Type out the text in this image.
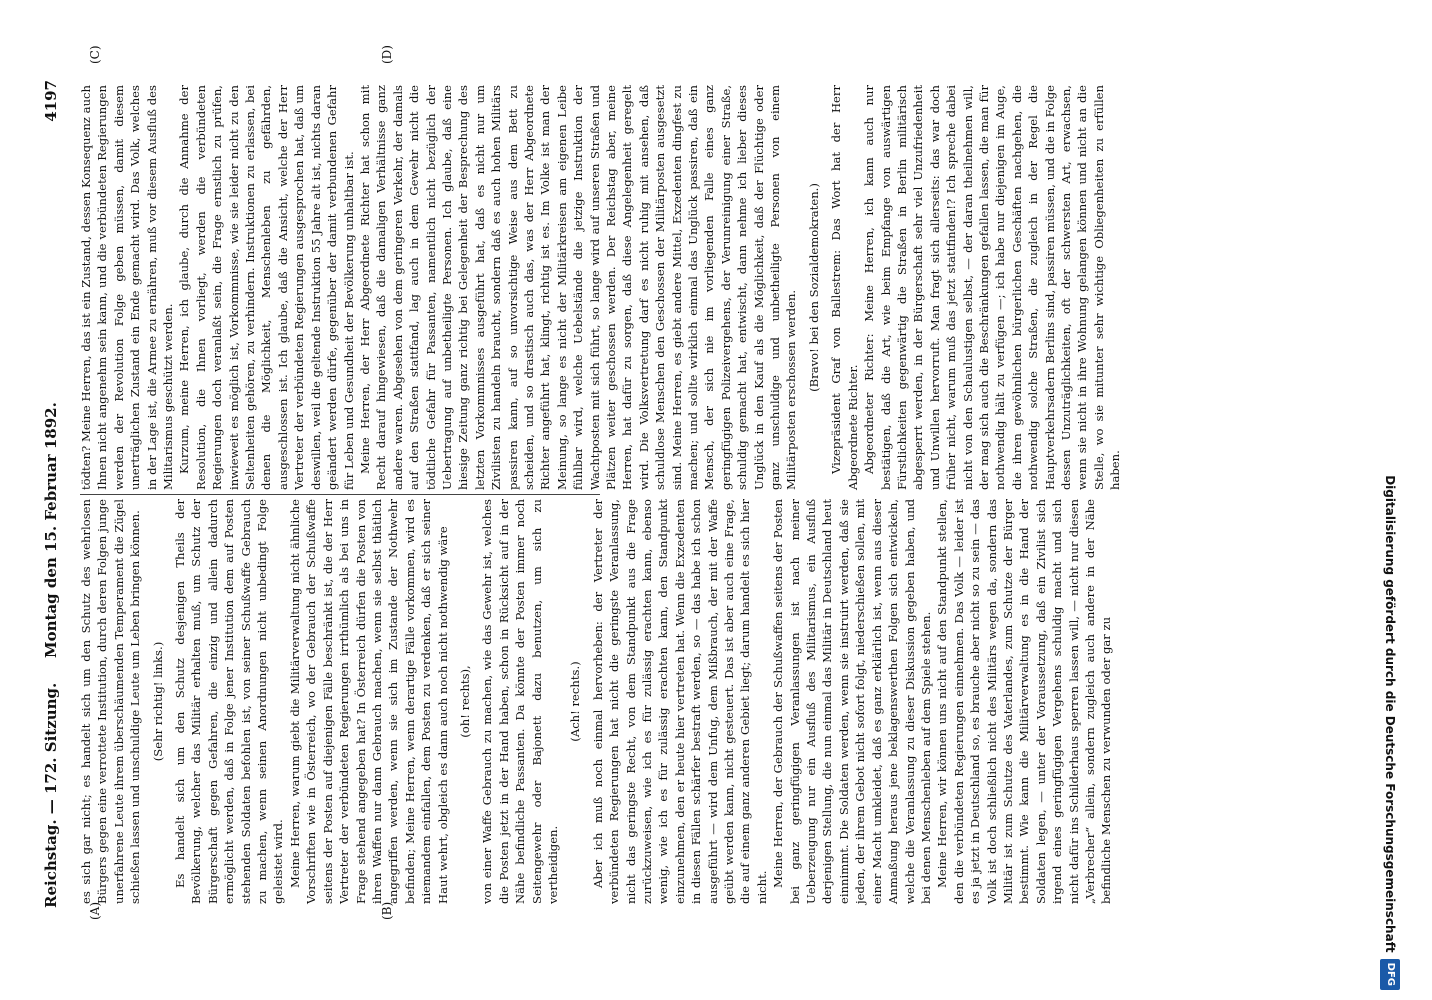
Reichstag. — 172. Sitzung.
Montag den 15. Februar 1892.
4197
(A)	(B)
(C)	(D)

es sich gar nicht; es handelt sich um den Schutz des wehrlosen Bürgers gegen eine verrottete Institution, durch deren Folgen junge unerfahrene Leute ihrem überschäumenden Temperament die Zügel schießen lassen und unschuldige Leute um Leben bringen können. (Sehr richtig! links.) Es handelt sich um den Schutz desjenigen Theils der Bevölkerung, welcher das Militär erhalten muß, um Schutz der Bürgerschaft gegen Gefahren, die einzig und allein dadurch ermöglicht werden, daß in Folge jener Institution dem auf Posten stehenden Soldaten befohlen ist, von seiner Schußwaffe Gebrauch zu machen, wenn seinen Anordnungen nicht unbedingt Folge geleistet wird. Meine Herren, warum giebt die Militärverwaltung nicht ähnliche Vorschriften wie in Österreich, wo der Gebrauch der Schußwaffe seitens der Posten auf diejenigen Fälle beschränkt ist, die der Herr Vertreter der verbündeten Regierungen irrthümlich als bei uns in Frage stehend angegeben hat? In Österreich dürfen die Posten von ihren Waffen nur dann Gebrauch machen, wenn sie selbst thätlich angegriffen werden, wenn sie sich im Zustande der Nothwehr befinden; Meine Herren, wenn derartige Fälle vorkommen, wird es niemandem einfallen, dem Posten zu verdenken, daß er sich seiner Haut wehrt, obgleich es dann auch noch nicht nothwendig wäre (oh! rechts), von einer Waffe Gebrauch zu machen, wie das Gewehr ist, welches die Posten jetzt in der Hand haben, schon in Rücksicht auf in der Nähe befindliche Passanten. Da könnte der Posten immer noch Seitengewehr oder Bajonett dazu benutzen, um sich zu vertheidigen.

(Ach! rechts.) Aber ich muß noch einmal hervorheben: der Vertreter der verbündeten Regierungen hat nicht die geringste Veranlassung, nicht das geringste Recht, von dem Standpunkt aus die Frage zurückzuweisen, wie ich es für zulässig erachten kann, ebenso wenig, wie ich es für zulässig erachten kann, den Standpunkt einzunehmen, den er heute hier vertreten hat. Wenn die Exzedenten in diesen Fällen schärfer bestraft werden, so — das habe ich schon ausgeführt — wird dem Unfug, dem Mißbrauch, der mit der Waffe geübt werden kann, nicht gesteuert. Das ist aber auch eine Frage, die auf einem ganz anderen Gebiet liegt; darum handelt es sich hier nicht. Meine Herren, der Gebrauch der Schußwaffen seitens der Posten bei ganz geringfügigen Veranlassungen ist nach meiner Ueberzeugung nur ein Ausfluß des Militarismus, ein Ausfluß derjenigen Stellung, die nun einmal das Militär in Deutschland heut einnimmt. Die Soldaten werden, wenn sie instruirt werden, daß sie jeden, der ihrem Gebot nicht sofort folgt, niederschießen sollen, mit einer Macht umkleidet, daß es ganz erklärlich ist, wenn aus dieser Anmaßung heraus jene beklagenswerthen Folgen sich entwickeln, welche die Veranlassung zu dieser Diskussion gegeben haben, und bei denen Menschenleben auf dem Spiele stehen. Meine Herren, wir können uns nicht auf den Standpunkt stellen, den die verbündeten Regierungen einnehmen. Das Volk — leider ist es ja jetzt in Deutschland so, es brauche aber nicht so zu sein — das Volk ist doch schließlich nicht des Militärs wegen da, sondern das Militär ist zum Schutze des Vaterlandes, zum Schutze der Bürger bestimmt. Wie kann die Militärverwaltung es in die Hand der Soldaten legen, — unter der Voraussetzung, daß ein Zivilist sich irgend eines geringfügigen Vergehens schuldig macht und sich nicht dafür ins Schilderhaus sperren lassen will, — nicht nur diesen „Verbrecher“ allein, sondern zugleich auch andere in der Nähe befindliche Menschen zu verwunden oder gar zu

tödten? Meine Herren, das ist ein Zustand, dessen Konsequenz auch Ihnen nicht angenehm sein kann, und die verbündeten Regierungen werden der Revolution Folge geben müssen, damit diesem unerträglichen Zustand ein Ende gemacht wird. Das Volk, welches in der Lage ist, die Armee zu ernähren, muß vor diesem Ausfluß des Militarismus geschützt werden. Kurzum, meine Herren, ich glaube, durch die Annahme der Resolution, die Ihnen vorliegt, werden die verbündeten Regierungen doch veranlaßt sein, die Frage ernstlich zu prüfen, inwieweit es möglich ist, Vorkommnisse, wie sie leider nicht zu den Seltenheiten gehören, zu verhindern. Instruktionen zu erlassen, bei denen die Möglichkeit, Menschenleben zu gefährden, ausgeschlossen ist. Ich glaube, daß die Ansicht, welche der Herr Vertreter der verbündeten Regierungen ausgesprochen hat, daß um deswillen, weil die geltende Instruktion 55 Jahre alt ist, nichts daran geändert werden dürfe, gegenüber der damit verbundenen Gefahr für Leben und Gesundheit der Bevölkerung unhaltbar ist. Meine Herren, der Herr Abgeordnete Richter hat schon mit Recht darauf hingewiesen, daß die damaligen Verhältnisse ganz andere waren. Abgesehen von dem geringeren Verkehr, der damals auf den Straßen stattfand, lag auch in dem Gewehr nicht die tödtliche Gefahr für Passanten, namentlich nicht bezüglich der Uebertragung auf unbetheiligte Personen. Ich glaube, daß eine hiesige Zeitung ganz richtig bei Gelegenheit der Besprechung des letzten Vorkommnisses ausgeführt hat, daß es nicht nur um Zivilisten zu handeln braucht, sondern daß es auch hohen Militärs passiren kann, auf so unvorsichtige Weise aus dem Bett zu scheiden, und so drastisch auch das, was der Herr Abgeordnete Richter angeführt hat, klingt, richtig ist es. Im Volke ist man der Meinung, so lange es nicht der Militärkreisen am eigenen Leibe fühlbar wird, welche Uebelstände die jetzige Instruktion der Wachtposten mit sich führt, so lange wird auf unseren Straßen und Plätzen weiter geschossen werden. Der Reichstag aber, meine Herren, hat dafür zu sorgen, daß diese Angelegenheit geregelt wird. Die Volksvertretung darf es nicht ruhig mit ansehen, daß schuldlose Menschen den Geschossen der Militärposten ausgesetzt sind. Meine Herren, es giebt andere Mittel, Exzedenten dingfest zu machen; und sollte wirklich einmal das Unglück passiren, daß ein Mensch, der sich nie im vorliegenden Falle eines ganz geringfügigen Polizeivergehens, der Verunreinigung einer Straße, schuldig gemacht hat, entwischt, dann nehme ich lieber dieses Unglück in den Kauf als die Möglichkeit, daß der Flüchtige oder ganz unschuldige und unbetheiligte Personen von einem Militärposten erschossen werden. (Bravo! bei den Sozialdemokraten.) Vizepräsident Graf von Ballestrem: Das Wort hat der Herr Abgeordnete Richter. Abgeordneter Richter: Meine Herren, ich kann auch nur bestätigen, daß die Art, wie beim Empfange von auswärtigen Fürstlichkeiten gegenwärtig die Straßen in Berlin militärisch abgesperrt werden, in der Bürgerschaft sehr viel Unzufriedenheit und Unwillen hervorruft. Man fragt sich allerseits: das war doch früher nicht, warum muß das jetzt stattfinden!? Ich spreche dabei nicht von den Schaulustigen selbst, — der daran theilnehmen will, der mag sich auch die Beschränkungen gefallen lassen, die man für nothwendig hält zu verfügen —; ich habe nur diejenigen im Auge, die ihren gewöhnlichen bürgerlichen Geschäften nachgehen, die nothwendig solche Straßen, die zugleich in der Regel die Hauptverkehrsadern Berlins sind, passiren müssen, und die in Folge dessen Unzuträglichkeiten, oft der schwersten Art, erwachsen, wenn sie nicht in ihre Wohnung gelangen können und nicht an die Stelle, wo sie mitunter sehr wichtige Obliegenheiten zu erfüllen haben.

Digitalisierung gefördert durch die Deutsche Forschungsgemeinschaft
DFG
